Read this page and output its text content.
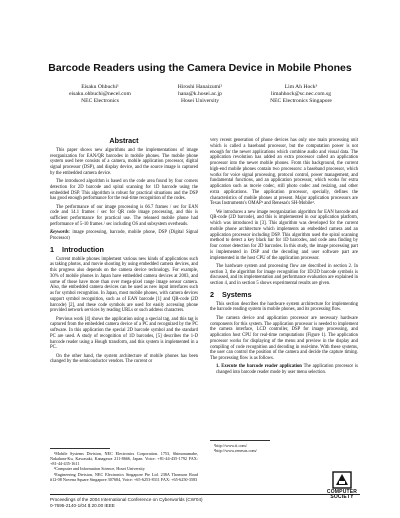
Barcode Readers using the Camera Device in Mobile Phones
Eisaku Ohbuchi¹
eisaku.ohbuchi@necel.com
NEC Electronics
Hiroshi Hanaizumi²
hana@k.hosei.ac.jp
Hosei University
Lim Ah Hock³
limahhock@sc.nec.com.sg
NEC Electronics Singapore
Abstract

This paper shows new algorithms and the implementations of image reorganization for EAN/QR barcodes in mobile phones. The mobile phone system used here consists of a camera, mobile application processor, digital signal processor (DSP), and display device, and the source image is captured by the embedded camera device.

The introduced algorithm is based on the code area found by four corners detection for 2D barcode and spiral scanning for 1D barcode using the embedded DSP. This algorithm is robust for practical situations and the DSP has good enough performance for the real-time recognition of the codes.

The performance of our image processing is 66.7 frames / sec for EAN code and 14.1 frames / sec for QR code image processing, and this is sufficient performance for practical use. The released mobile phone had performance of 5-10 frames / sec including OS and subsystem overheads.

Keywords: image processing, barcode, mobile phone, DSP (Digital Signal Processor)

1 Introduction

Current mobile phones implement various new kinds of applications such as taking photos, and movie shooting by using embedded camera devices, and this progress also depends on the camera device technology. For example, 30% of mobile phones in Japan have embedded camera devices at 2003, and some of those have more than over mega-pixel range image sensor camera. Also, the embedded camera devices can be used as new input interfaces such as for symbol recognition. In Japan, most mobile phones, with camera devices support symbol recognition, such as of EAN barcode [1] and QR-code (2D barcode) [2], and these code symbols are used for easily accessing phone provided network services by reading URLs or such address characters.

Previous work [4] shows the application using a special tag, and this tag is captured from the embedded camera device of a PC and recognized by the PC software. In this application the special 2D barcode symbol and the standard PC are used. A study of recognition of 1D barcodes, [5] describes the 1-D barcode reader using a Hough transform, and this system is implemented in a PC.

On the other hand, the system architecture of mobile phones has been changed by the semiconductor vendors. The current or

¹Mobile Systems Division, NEC Electronics Corporation. 1753, Shimonumabe, Nakahara-Ku, Kawasaki, Kanagawa 211-8666, Japan. Voice: +81-44-435-1792 FAX: +81-44-435-1611

²Computer and Information Science, Hosei University

³Engineering Division, NEC Electronics Singapore Pte Ltd. 238A Thomson Road #12-08 Novena Square Singapore 307684, Voice: +65-6253-8311 FAX: +65-6250-3583

very recent generation of phone devices has only one main processing unit which is called a baseband processor, but the computation power is not enough for the newer applications which combine audio and visual data. The application revolution has added an extra processor called an application processor into the newer mobile phones. From this background, the current high-end mobile phones contain two processors: a baseband processor, which works for voice signal processing, protocol control, power management, and fundamental functions, and an application processor, which works for extra application such as movie codec, still photo codec and resizing, and other extra applications. The application processor, specially, defines the characteristics of mobile phones at present. Major application processors are Texas Instruments's OMAP¹ and Renesas's SH-Mobile².

We introduces a new image reorganization algorithm for EAN barcode and QR-code (2D barcode), and this is implemented in our application platform, which was introduced in [3]. This algorithm was developed for the current mobile phone architecture which implements an embedded camera and an application processor including DSP. This algorithm used the spiral scanning method to detect a key black bar for 1D barcodes, and code area finding by four corner detection for 2D barcodes. In this study, the image processing part is implemented in DSP and the decoding and user software part are implemented in the host CPU of the application processor.

The hardware system and processing flow are described in section 2. In section 3, the algorithm for image recognition for 1D/2D barcode symbols is discussed, and its implementation and performance evaluation are explained in section 4, and in section 5 shows experimental results are given.

2 Systems

This section describes the hardware system architecture for implementing the barcode reading system in mobile phones, and its processing flow.

The camera device and application processor are necessary hardware components for this system. The application processor is needed to implement the camera interface, LCD controller, DSP for image processing, and application host CPU for real-time computations (Figure 1). The application processor works for displaying of the menu and preview in the display and compiling of code recognition and decoding in real-time. With these systems, the user can control the position of the camera and decide the capture timing. The processing flow is as follows.

1. Execute the barcode reader application The application processor is changed into barcode reader mode by user menu selection.

¹http://www.ti.com/

²http://www.renesas.com/

Proceedings of the 2004 International Conference on Cyberworlds (CW'04)
0-7695-2140-1/04 $ 20.00 IEEE
COMPUTER
SOCIETY
